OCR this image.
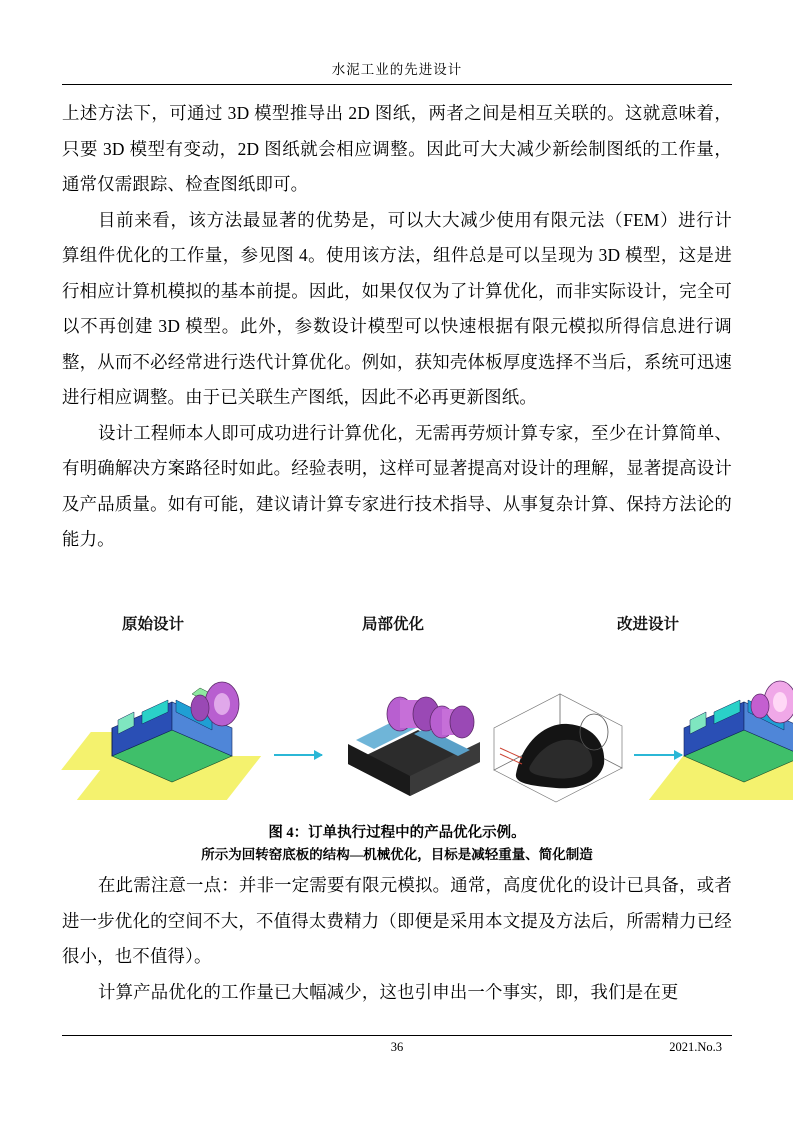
水泥工业的先进设计

上述方法下，可通过 3D 模型推导出 2D 图纸，两者之间是相互关联的。这就意味着，只要 3D 模型有变动，2D 图纸就会相应调整。因此可大大减少新绘制图纸的工作量，通常仅需跟踪、检查图纸即可。

目前来看，该方法最显著的优势是，可以大大减少使用有限元法（FEM）进行计算组件优化的工作量，参见图 4。使用该方法，组件总是可以呈现为 3D 模型，这是进行相应计算机模拟的基本前提。因此，如果仅仅为了计算优化，而非实际设计，完全可以不再创建 3D 模型。此外，参数设计模型可以快速根据有限元模拟所得信息进行调整，从而不必经常进行迭代计算优化。例如，获知壳体板厚度选择不当后，系统可迅速进行相应调整。由于已关联生产图纸，因此不必再更新图纸。

设计工程师本人即可成功进行计算优化，无需再劳烦计算专家，至少在计算简单、有明确解决方案路径时如此。经验表明，这样可显著提高对设计的理解，显著提高设计及产品质量。如有可能，建议请计算专家进行技术指导、从事复杂计算、保持方法论的能力。

原始设计	局部优化	改进设计
图 4：订单执行过程中的产品优化示例。
所示为回转窑底板的结构—机械优化，目标是减轻重量、简化制造

在此需注意一点：并非一定需要有限元模拟。通常，高度优化的设计已具备，或者进一步优化的空间不大，不值得太费精力（即便是采用本文提及方法后，所需精力已经很小，也不值得）。

计算产品优化的工作量已大幅减少，这也引申出一个事实，即，我们是在更

36	2021.No.3
